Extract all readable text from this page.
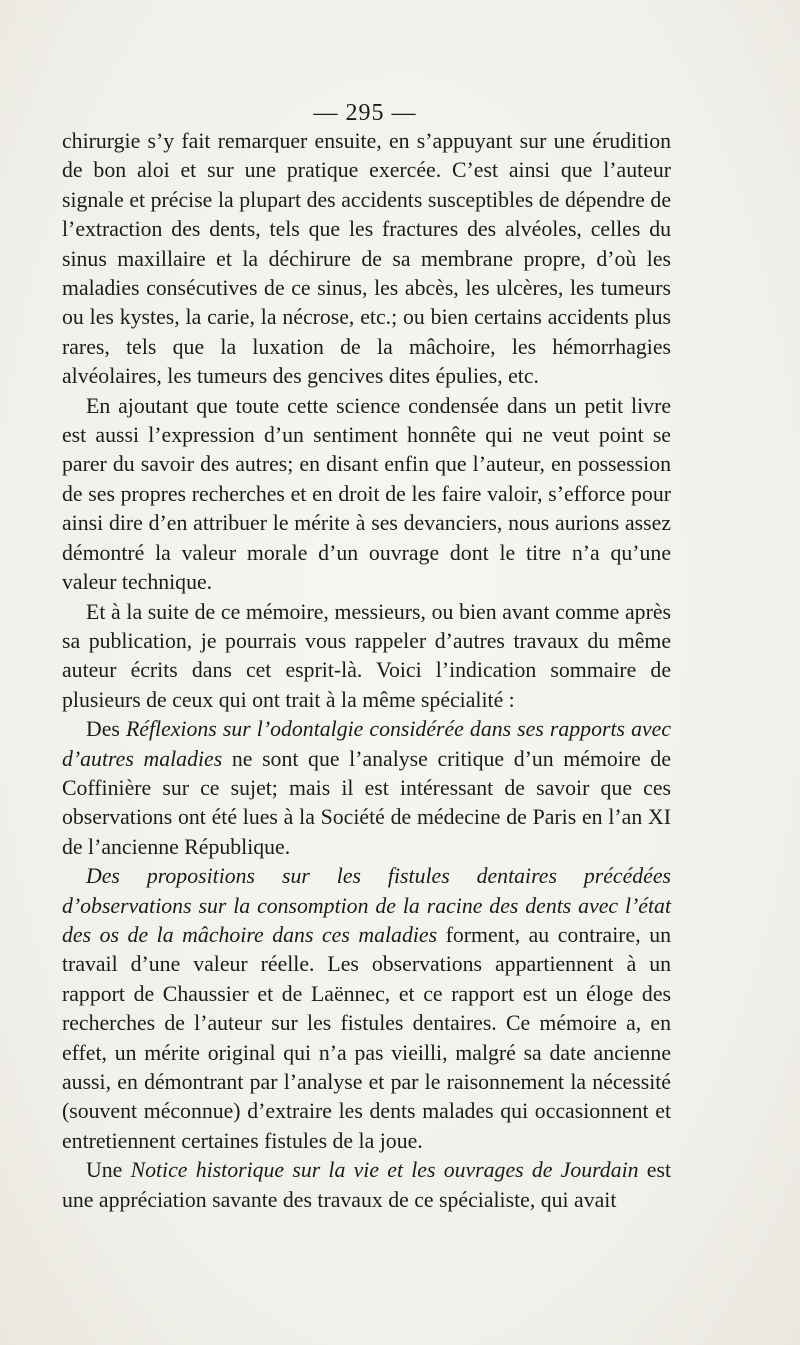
— 295 —

chirurgie s’y fait remarquer ensuite, en s’appuyant sur une érudition de bon aloi et sur une pratique exercée. C’est ainsi que l’auteur signale et précise la plupart des accidents susceptibles de dépendre de l’extraction des dents, tels que les fractures des alvéoles, celles du sinus maxillaire et la déchirure de sa membrane propre, d’où les maladies consécutives de ce sinus, les abcès, les ulcères, les tumeurs ou les kystes, la carie, la nécrose, etc.; ou bien certains accidents plus rares, tels que la luxation de la mâchoire, les hémorrhagies alvéolaires, les tumeurs des gencives dites épulies, etc.

En ajoutant que toute cette science condensée dans un petit livre est aussi l’expression d’un sentiment honnête qui ne veut point se parer du savoir des autres; en disant enfin que l’auteur, en possession de ses propres recherches et en droit de les faire valoir, s’efforce pour ainsi dire d’en attribuer le mérite à ses devanciers, nous aurions assez démontré la valeur morale d’un ouvrage dont le titre n’a qu’une valeur technique.

Et à la suite de ce mémoire, messieurs, ou bien avant comme après sa publication, je pourrais vous rappeler d’autres travaux du même auteur écrits dans cet esprit-là. Voici l’indication sommaire de plusieurs de ceux qui ont trait à la même spécialité :

Des Réflexions sur l’odontalgie considérée dans ses rapports avec d’autres maladies ne sont que l’analyse critique d’un mémoire de Coffinière sur ce sujet; mais il est intéressant de savoir que ces observations ont été lues à la Société de médecine de Paris en l’an XI de l’ancienne République.

Des propositions sur les fistules dentaires précédées d’observations sur la consomption de la racine des dents avec l’état des os de la mâchoire dans ces maladies forment, au contraire, un travail d’une valeur réelle. Les observations appartiennent à un rapport de Chaussier et de Laënnec, et ce rapport est un éloge des recherches de l’auteur sur les fistules dentaires. Ce mémoire a, en effet, un mérite original qui n’a pas vieilli, malgré sa date ancienne aussi, en démontrant par l’analyse et par le raisonnement la nécessité (souvent méconnue) d’extraire les dents malades qui occasionnent et entretiennent certaines fistules de la joue.

Une Notice historique sur la vie et les ouvrages de Jourdain est une appréciation savante des travaux de ce spécialiste, qui avait
